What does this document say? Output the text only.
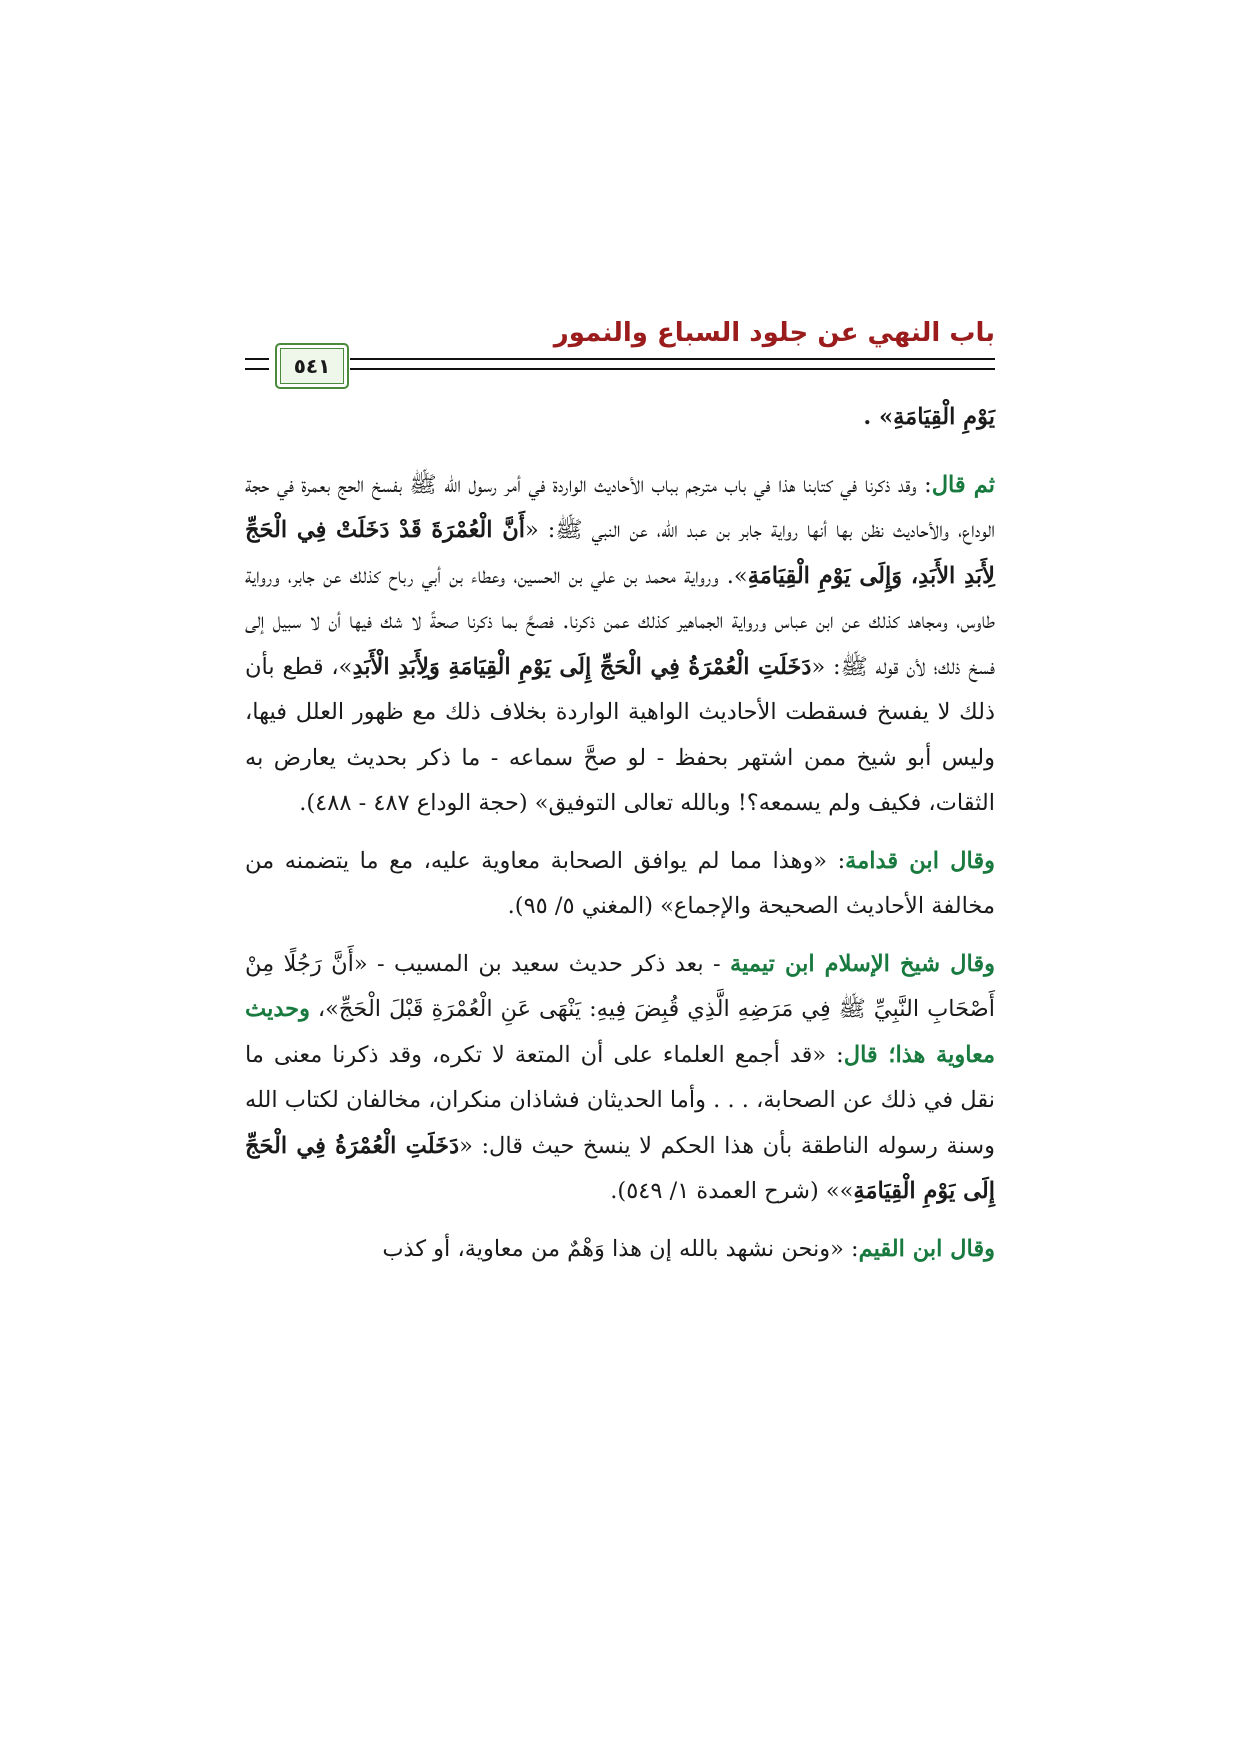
باب النهي عن جلود السباع والنمور
٥٤١

يَوْمِ الْقِيَامَةِ» .

ثم قال: وقد ذكرنا في كتابنا هذا في باب مترجم بباب الأحاديث الواردة في أمر رسول الله ﷺ بفسخ الحج بعمرة في حجة الوداع، والأحاديث نظن بها أنها رواية جابر بن عبد الله، عن النبي ﷺ: «أَنَّ الْعُمْرَةَ قَدْ دَخَلَتْ فِي الْحَجِّ لِأَبَدِ الأَبَدِ، وَإِلَى يَوْمِ الْقِيَامَةِ». ورواية محمد بن علي بن الحسين، وعطاء بن أبي رباح كذلك عن جابر، ورواية طاوس، ومجاهد كذلك عن ابن عباس ورواية الجماهير كذلك عمن ذكرنا. فصحَّ بما ذكرنا صحةً لا شك فيها أن لا سبيل إلى فسخ ذلك؛ لأن قوله ﷺ: «دَخَلَتِ الْعُمْرَةُ فِي الْحَجِّ إِلَى يَوْمِ الْقِيَامَةِ وَلِأَبَدِ الْأَبَدِ»، قطع بأن ذلك لا يفسخ فسقطت الأحاديث الواهية الواردة بخلاف ذلك مع ظهور العلل فيها، وليس أبو شيخ ممن اشتهر بحفظ - لو صحَّ سماعه - ما ذكر بحديث يعارض به الثقات، فكيف ولم يسمعه؟! وبالله تعالى التوفيق» (حجة الوداع ٤٨٧ - ٤٨٨).

وقال ابن قدامة: «وهذا مما لم يوافق الصحابة معاوية عليه، مع ما يتضمنه من مخالفة الأحاديث الصحيحة والإجماع» (المغني ٥/ ٩٥).

وقال شيخ الإسلام ابن تيمية - بعد ذكر حديث سعيد بن المسيب - «أَنَّ رَجُلًا مِنْ أَصْحَابِ النَّبِيِّ ﷺ فِي مَرَضِهِ الَّذِي قُبِضَ فِيهِ: يَنْهَى عَنِ الْعُمْرَةِ قَبْلَ الْحَجِّ»، وحديث معاوية هذا؛ قال: «قد أجمع العلماء على أن المتعة لا تكره، وقد ذكرنا معنى ما نقل في ذلك عن الصحابة، . . . وأما الحديثان فشاذان منكران، مخالفان لكتاب الله وسنة رسوله الناطقة بأن هذا الحكم لا ينسخ حيث قال: «دَخَلَتِ الْعُمْرَةُ فِي الْحَجِّ إِلَى يَوْمِ الْقِيَامَةِ»» (شرح العمدة ١/ ٥٤٩).

وقال ابن القيم: «ونحن نشهد بالله إن هذا وَهْمٌ من معاوية، أو كذب
